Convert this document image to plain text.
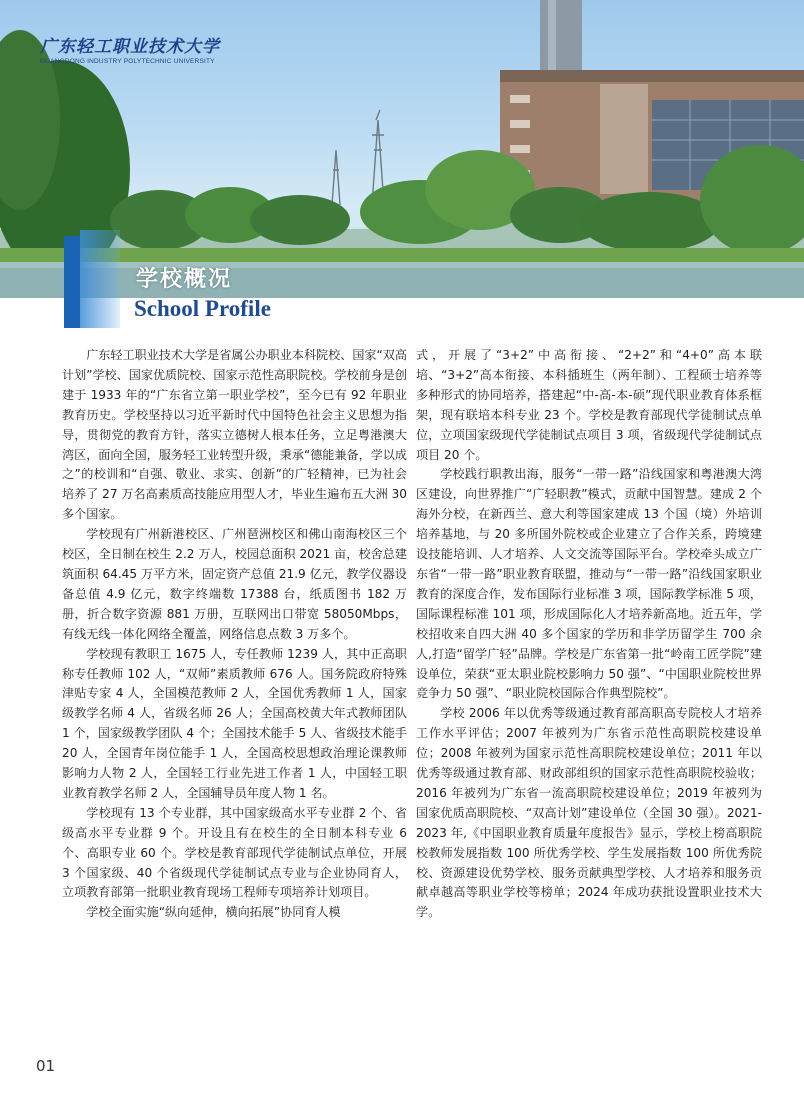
广东轻工职业技术大学
GUANGDONG INDUSTRY POLYTECHNIC UNIVERSITY
学校概况
School Profile

广东轻工职业技术大学是省属公办职业本科院校、国家“双高计划”学校、国家优质院校、国家示范性高职院校。学校前身是创建于 1933 年的“广东省立第一职业学校”，至今已有 92 年职业教育历史。学校坚持以习近平新时代中国特色社会主义思想为指导，贯彻党的教育方针，落实立德树人根本任务，立足粤港澳大湾区，面向全国，服务轻工业转型升级，秉承“德能兼备，学以成之”的校训和“自强、敬业、求实、创新”的广轻精神，已为社会培养了 27 万名高素质高技能应用型人才，毕业生遍布五大洲 30 多个国家。

学校现有广州新港校区、广州琶洲校区和佛山南海校区三个校区，全日制在校生 2.2 万人，校园总面积 2021 亩，校舍总建筑面积 64.45 万平方米，固定资产总值 21.9 亿元，教学仪器设备总值 4.9 亿元，数字终端数 17388 台，纸质图书 182 万册，折合数字资源 881 万册，互联网出口带宽 58050Mbps，有线无线一体化网络全覆盖，网络信息点数 3 万多个。

学校现有教职工 1675 人，专任教师 1239 人，其中正高职称专任教师 102 人，“双师”素质教师 676 人。国务院政府特殊津贴专家 4 人，全国模范教师 2 人，全国优秀教师 1 人，国家级教学名师 4 人，省级名师 26 人；全国高校黄大年式教师团队 1 个，国家级教学团队 4 个；全国技术能手 5 人、省级技术能手 20 人，全国青年岗位能手 1 人，全国高校思想政治理论课教师影响力人物 2 人，全国轻工行业先进工作者 1 人，中国轻工职业教育教学名师 2 人，全国辅导员年度人物 1 名。

学校现有 13 个专业群，其中国家级高水平专业群 2 个、省级高水平专业群 9 个。开设且有在校生的全日制本科专业 6 个、高职专业 60 个。学校是教育部现代学徒制试点单位，开展 3 个国家级、40 个省级现代学徒制试点专业与企业协同育人，立项教育部第一批职业教育现场工程师专项培养计划项目。

学校全面实施“纵向延伸，横向拓展”协同育人模

式，开展了“3+2”中高衔接、“2+2”和“4+0”高本联培、“3+2”高本衔接、本科插班生（两年制）、工程硕士培养等多种形式的协同培养，搭建起“中-高-本-硕”现代职业教育体系框架，现有联培本科专业 23 个。学校是教育部现代学徒制试点单位，立项国家级现代学徒制试点项目 3 项，省级现代学徒制试点项目 20 个。

学校践行职教出海，服务“一带一路”沿线国家和粤港澳大湾区建设，向世界推广“广轻职教”模式，贡献中国智慧。建成 2 个海外分校，在新西兰、意大利等国家建成 13 个国（境）外培训培养基地，与 20 多所国外院校或企业建立了合作关系，跨境建设技能培训、人才培养、人文交流等国际平台。学校牵头成立广东省“一带一路”职业教育联盟，推动与“一带一路”沿线国家职业教育的深度合作，发布国际行业标准 3 项，国际教学标准 5 项，国际课程标准 101 项，形成国际化人才培养新高地。近五年，学校招收来自四大洲 40 多个国家的学历和非学历留学生 700 余人,打造“留学广轻”品牌。学校是广东省第一批“岭南工匠学院”建设单位，荣获“亚太职业院校影响力 50 强”、“中国职业院校世界竞争力 50 强”、“职业院校国际合作典型院校”。

学校 2006 年以优秀等级通过教育部高职高专院校人才培养工作水平评估；2007 年被列为广东省示范性高职院校建设单位；2008 年被列为国家示范性高职院校建设单位；2011 年以优秀等级通过教育部、财政部组织的国家示范性高职院校验收；2016 年被列为广东省一流高职院校建设单位；2019 年被列为国家优质高职院校、“双高计划”建设单位（全国 30 强）。2021-2023 年,《中国职业教育质量年度报告》显示，学校上榜高职院校教师发展指数 100 所优秀学校、学生发展指数 100 所优秀院校、资源建设优势学校、服务贡献典型学校、人才培养和服务贡献卓越高等职业学校等榜单；2024 年成功获批设置职业技术大学。

01
